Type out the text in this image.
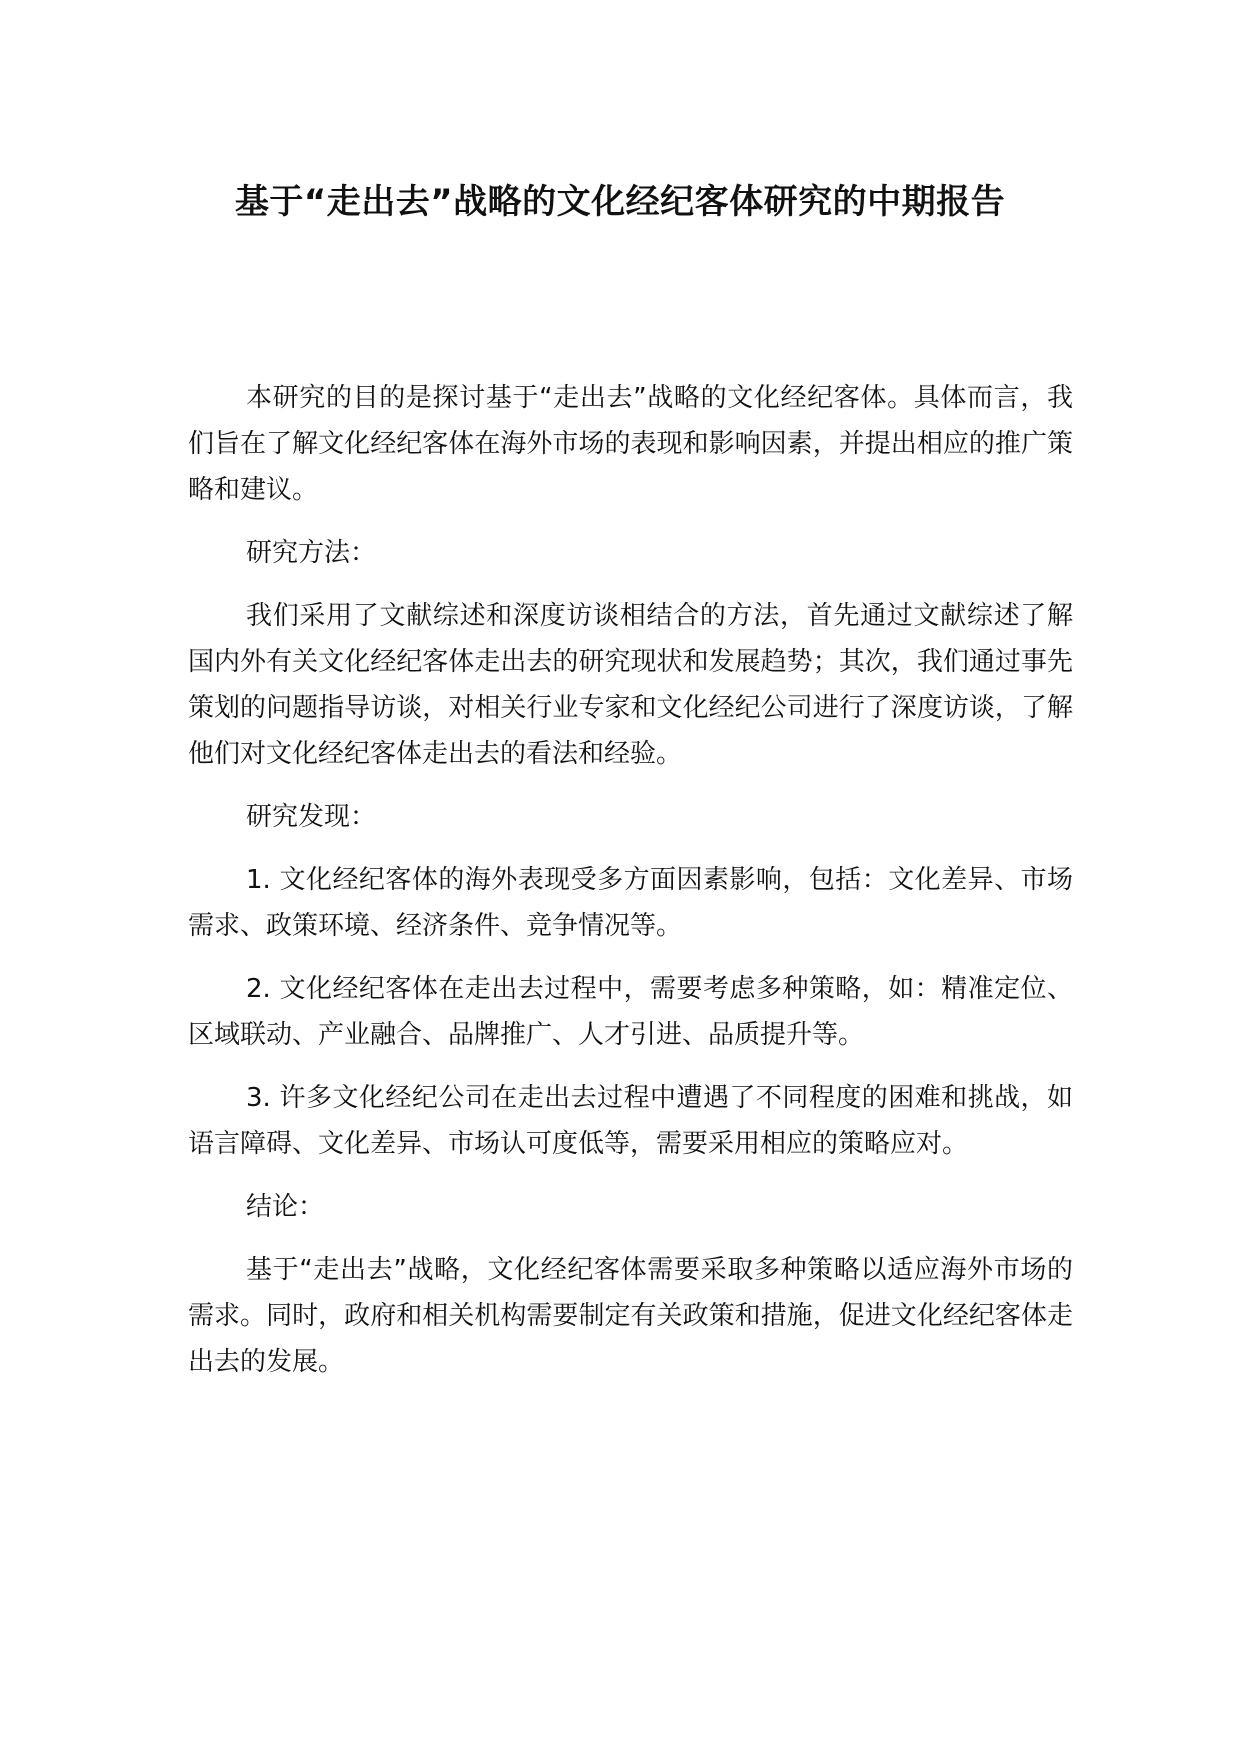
基于“走出去”战略的文化经纪客体研究的中期报告

本研究的目的是探讨基于“走出去”战略的文化经纪客体。具体而言，我们旨在了解文化经纪客体在海外市场的表现和影响因素，并提出相应的推广策略和建议。

研究方法：

我们采用了文献综述和深度访谈相结合的方法，首先通过文献综述了解国内外有关文化经纪客体走出去的研究现状和发展趋势；其次，我们通过事先策划的问题指导访谈，对相关行业专家和文化经纪公司进行了深度访谈，了解他们对文化经纪客体走出去的看法和经验。

研究发现：

1. 文化经纪客体的海外表现受多方面因素影响，包括：文化差异、市场需求、政策环境、经济条件、竞争情况等。

2. 文化经纪客体在走出去过程中，需要考虑多种策略，如：精准定位、区域联动、产业融合、品牌推广、人才引进、品质提升等。

3. 许多文化经纪公司在走出去过程中遭遇了不同程度的困难和挑战，如语言障碍、文化差异、市场认可度低等，需要采用相应的策略应对。

结论：

基于“走出去”战略，文化经纪客体需要采取多种策略以适应海外市场的需求。同时，政府和相关机构需要制定有关政策和措施，促进文化经纪客体走出去的发展。
